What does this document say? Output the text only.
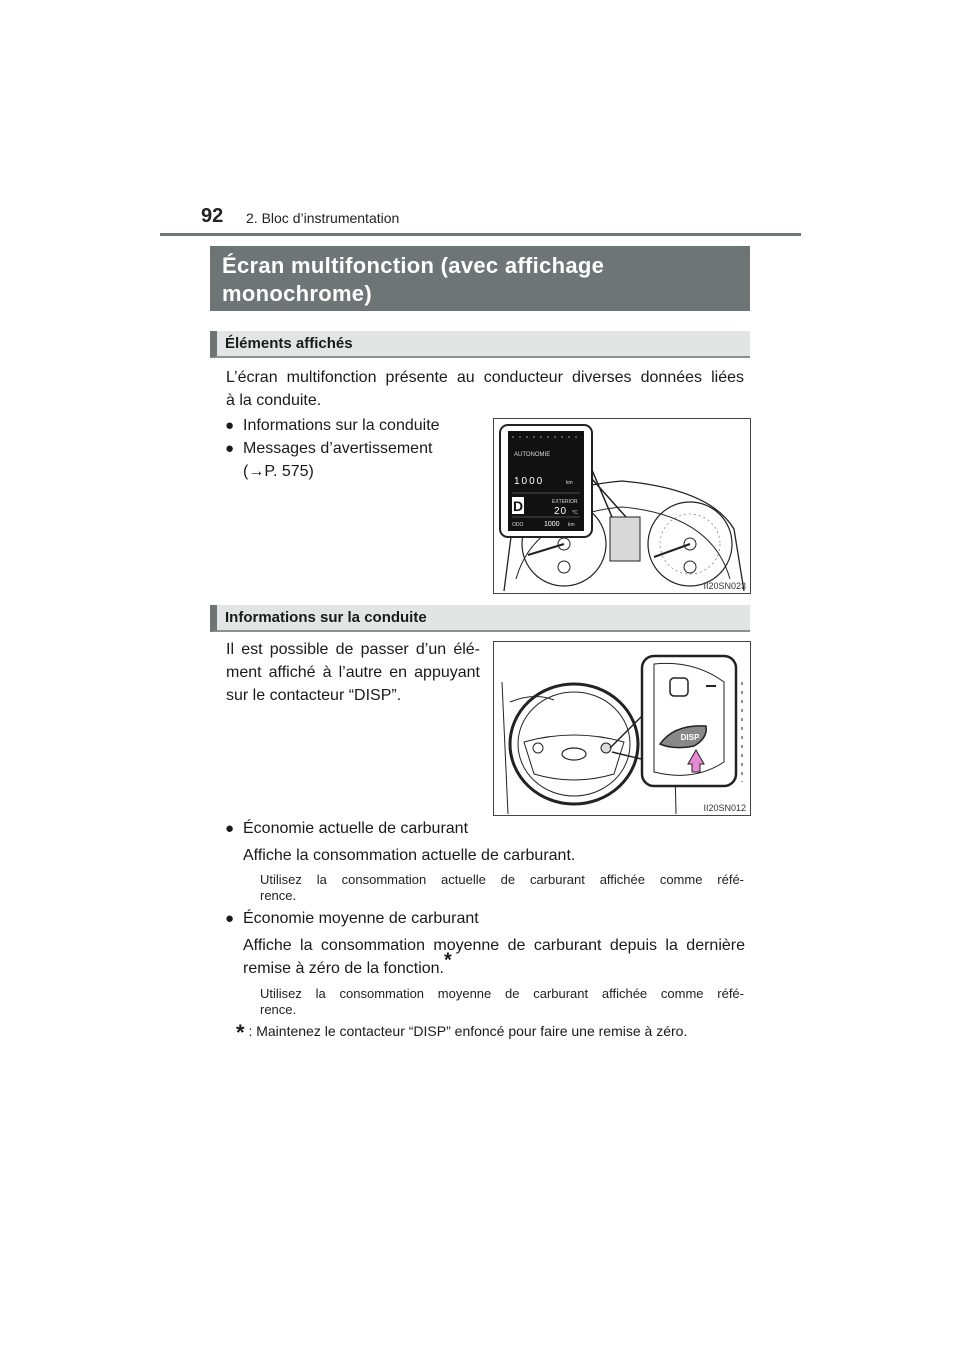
92 2. Bloc d’instrumentation
Écran multifonction (avec affichage
monochrome)
Éléments affichés
L’écran multifonction présente au conducteur diverses données liées
à la conduite.
● Informations sur la conduite
● Messages d’avertissement
(→P. 575)
D
AUTONOMIE
1000	km
EXTERIOR
20 °C
ODO	1000 km
II20SN023
Informations sur la conduite
Il est possible de passer d’un élé-
ment affiché à l’autre en appuyant
sur le contacteur “DISP”.
DISP
II20SN012
● Économie actuelle de carburant
Affiche la consommation actuelle de carburant.
Utilisez la consommation actuelle de carburant affichée comme réfé-
rence.
● Économie moyenne de carburant
Affiche la consommation moyenne de carburant depuis la dernière
remise à zéro de la fonction.*
Utilisez la consommation moyenne de carburant affichée comme réfé-
rence.
* : Maintenez le contacteur “DISP” enfoncé pour faire une remise à zéro.
